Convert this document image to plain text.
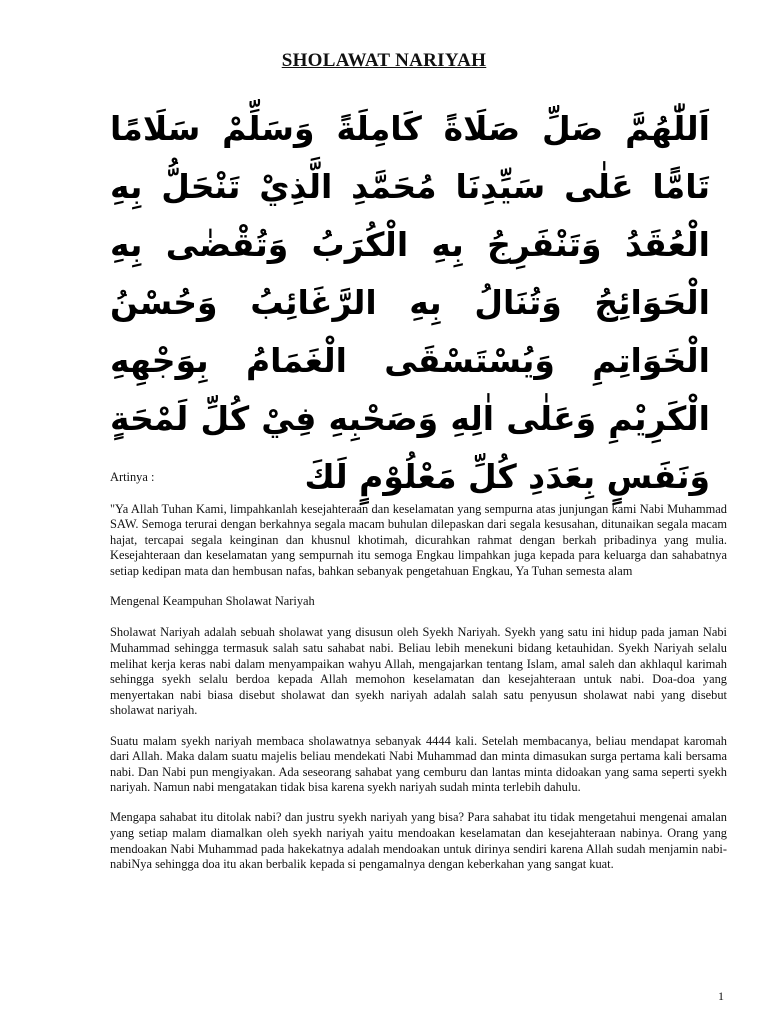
SHOLAWAT NARIYAH
اَللّٰهُمَّ صَلِّ صَلَاةً كَامِلَةً وَسَلِّمْ سَلَامًا تَامًّا عَلٰى سَيِّدِنَا مُحَمَّدِ الَّذِيْ تَنْحَلُّ بِهِ الْعُقَدُ وَتَنْفَرِجُ بِهِ الْكُرَبُ وَتُقْضٰى بِهِ الْحَوَائِجُ وَتُنَالُ بِهِ الرَّغَائِبُ وَحُسْنُ الْخَوَاتِمِ وَيُسْتَسْقَى الْغَمَامُ بِوَجْهِهِ الْكَرِيْمِ وَعَلٰى اٰلِهِ وَصَحْبِهِ فِيْ كُلِّ لَمْحَةٍ وَنَفَسٍ بِعَدَدِ كُلِّ مَعْلُوْمٍ لَكَ

Artinya :

"Ya Allah Tuhan Kami, limpahkanlah kesejahteraan dan keselamatan yang sempurna atas junjungan kami Nabi Muhammad SAW. Semoga terurai dengan berkahnya segala macam buhulan dilepaskan dari segala kesusahan, ditunaikan segala macam hajat, tercapai segala keinginan dan khusnul khotimah, dicurahkan rahmat dengan berkah pribadinya yang mulia. Kesejahteraan dan keselamatan yang sempurnah itu semoga Engkau limpahkan juga kepada para keluarga dan sahabatnya setiap kedipan mata dan hembusan nafas, bahkan sebanyak pengetahuan Engkau, Ya Tuhan semesta alam

Mengenal Keampuhan Sholawat Nariyah

Sholawat Nariyah adalah sebuah sholawat yang disusun oleh Syekh Nariyah. Syekh yang satu ini hidup pada jaman Nabi Muhammad sehingga termasuk salah satu sahabat nabi. Beliau lebih menekuni bidang ketauhidan. Syekh Nariyah selalu melihat kerja keras nabi dalam menyampaikan wahyu Allah, mengajarkan tentang Islam, amal saleh dan akhlaqul karimah sehingga syekh selalu berdoa kepada Allah memohon keselamatan dan kesejahteraan untuk nabi. Doa-doa yang menyertakan nabi biasa disebut sholawat dan syekh nariyah adalah salah satu penyusun sholawat nabi yang disebut sholawat nariyah.

Suatu malam syekh nariyah membaca sholawatnya sebanyak 4444 kali. Setelah membacanya, beliau mendapat karomah dari Allah. Maka dalam suatu majelis beliau mendekati Nabi Muhammad dan minta dimasukan surga pertama kali bersama nabi. Dan Nabi pun mengiyakan. Ada seseorang sahabat yang cemburu dan lantas minta didoakan yang sama seperti syekh nariyah. Namun nabi mengatakan tidak bisa karena syekh nariyah sudah minta terlebih dahulu.

Mengapa sahabat itu ditolak nabi? dan justru syekh nariyah yang bisa? Para sahabat itu tidak mengetahui mengenai amalan yang setiap malam diamalkan oleh syekh nariyah yaitu mendoakan keselamatan dan kesejahteraan nabinya. Orang yang mendoakan Nabi Muhammad pada hakekatnya adalah mendoakan untuk dirinya sendiri karena Allah sudah menjamin nabi-nabiNya sehingga doa itu akan berbalik kepada si pengamalnya dengan keberkahan yang sangat kuat.

1
